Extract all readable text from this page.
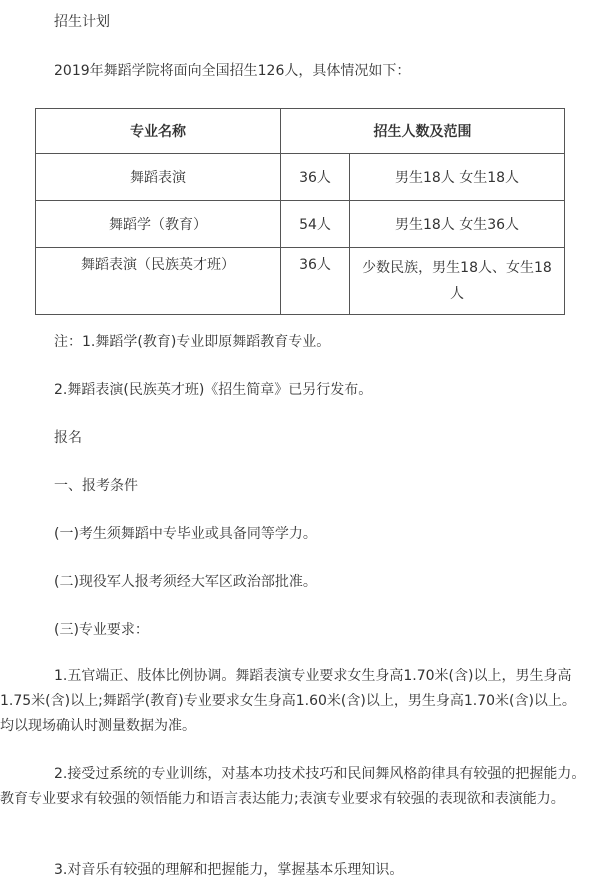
招生计划

2019年舞蹈学院将面向全国招生126人，具体情况如下：

专业名称	招生人数及范围	
舞蹈表演	36人	男生18人 女生18人
舞蹈学（教育）	54人	男生18人 女生36人
舞蹈表演（民族英才班）	36人	少数民族，男生18人、女生18人

注：1.舞蹈学(教育)专业即原舞蹈教育专业。

2.舞蹈表演(民族英才班)《招生简章》已另行发布。

报名

一、报考条件

(一)考生须舞蹈中专毕业或具备同等学力。

(二)现役军人报考须经大军区政治部批准。

(三)专业要求：

1.五官端正、肢体比例协调。舞蹈表演专业要求女生身高1.70米(含)以上，男生身高1.75米(含)以上;舞蹈学(教育)专业要求女生身高1.60米(含)以上，男生身高1.70米(含)以上。均以现场确认时测量数据为准。

2.接受过系统的专业训练，对基本功技术技巧和民间舞风格韵律具有较强的把握能力。教育专业要求有较强的领悟能力和语言表达能力;表演专业要求有较强的表现欲和表演能力。

3.对音乐有较强的理解和把握能力，掌握基本乐理知识。
